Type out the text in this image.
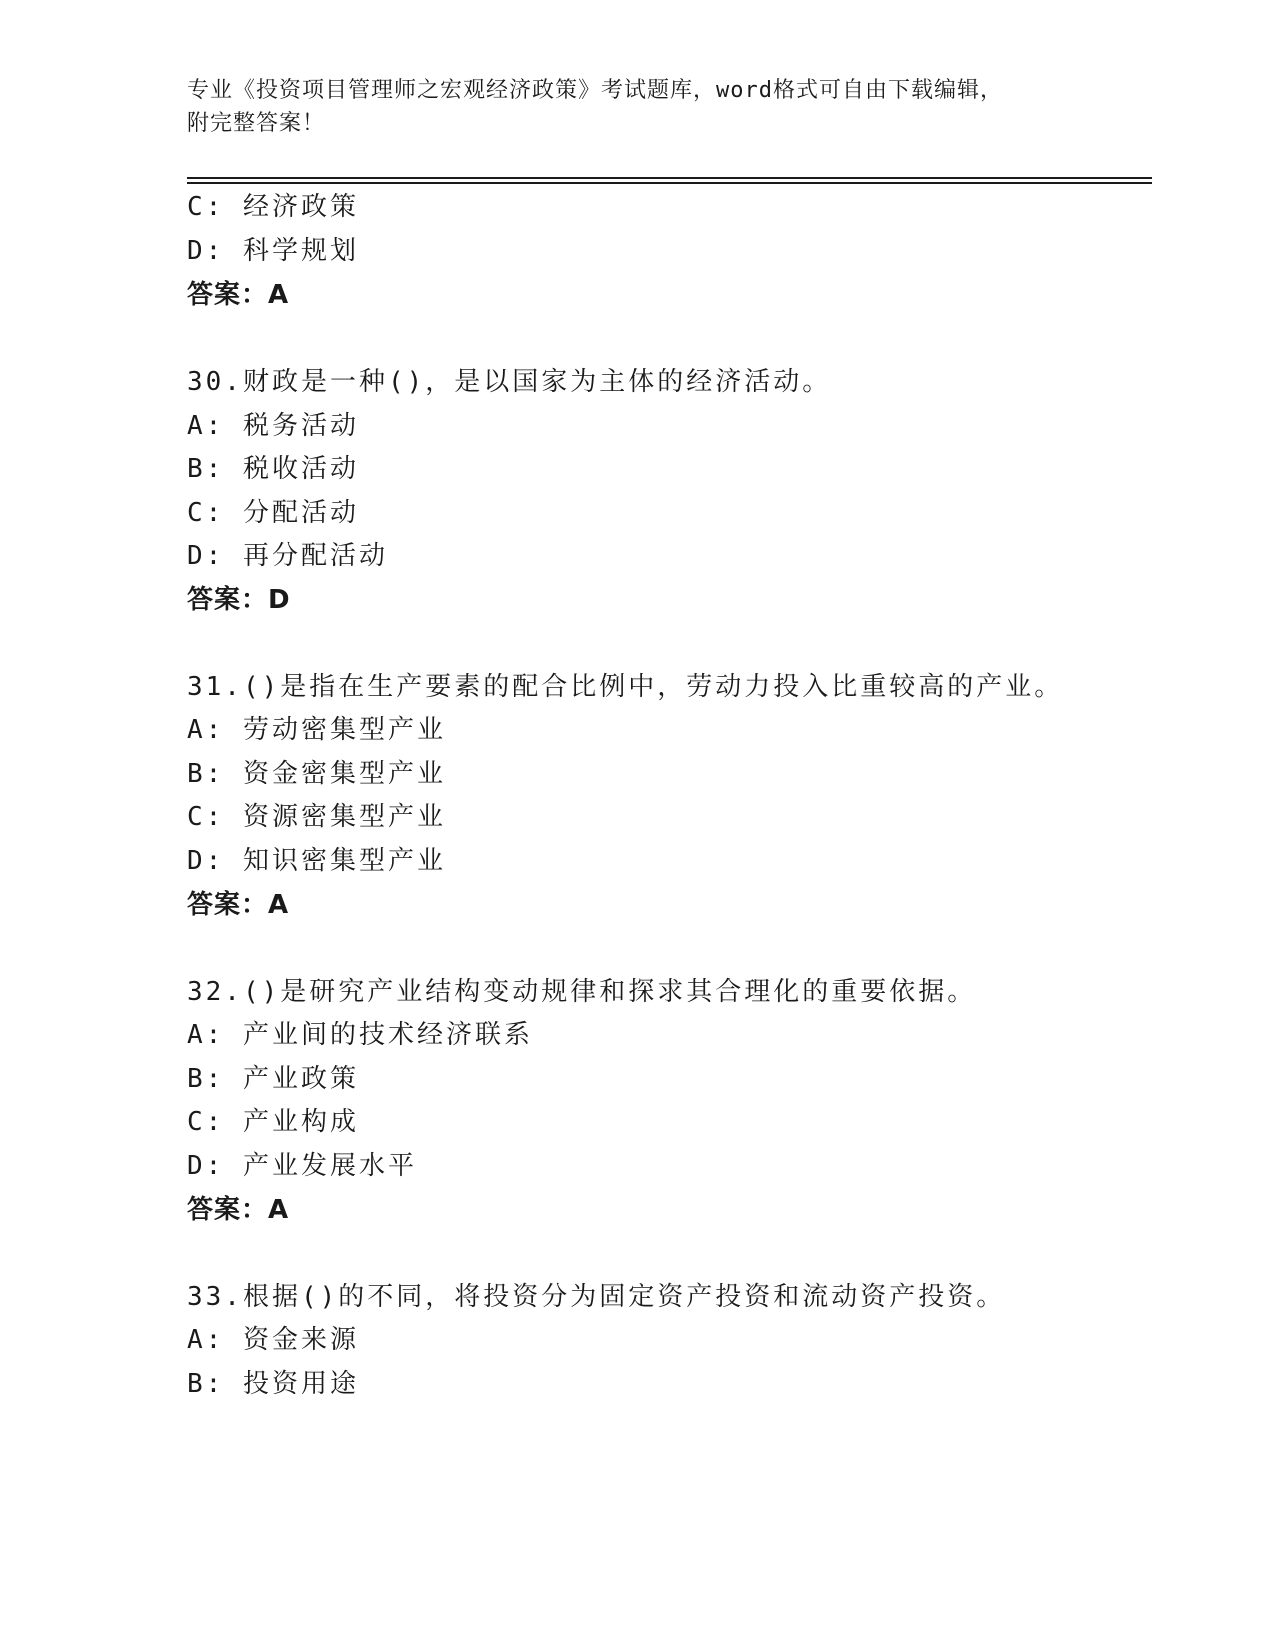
专业《投资项目管理师之宏观经济政策》考试题库，word格式可自由下载编辑，
附完整答案！
C: 经济政策
D: 科学规划
答案：A
30.财政是一种()，是以国家为主体的经济活动。
A: 税务活动
B: 税收活动
C: 分配活动
D: 再分配活动
答案：D
31.()是指在生产要素的配合比例中，劳动力投入比重较高的产业。
A: 劳动密集型产业
B: 资金密集型产业
C: 资源密集型产业
D: 知识密集型产业
答案：A
32.()是研究产业结构变动规律和探求其合理化的重要依据。
A: 产业间的技术经济联系
B: 产业政策
C: 产业构成
D: 产业发展水平
答案：A
33.根据()的不同，将投资分为固定资产投资和流动资产投资。
A: 资金来源
B: 投资用途
